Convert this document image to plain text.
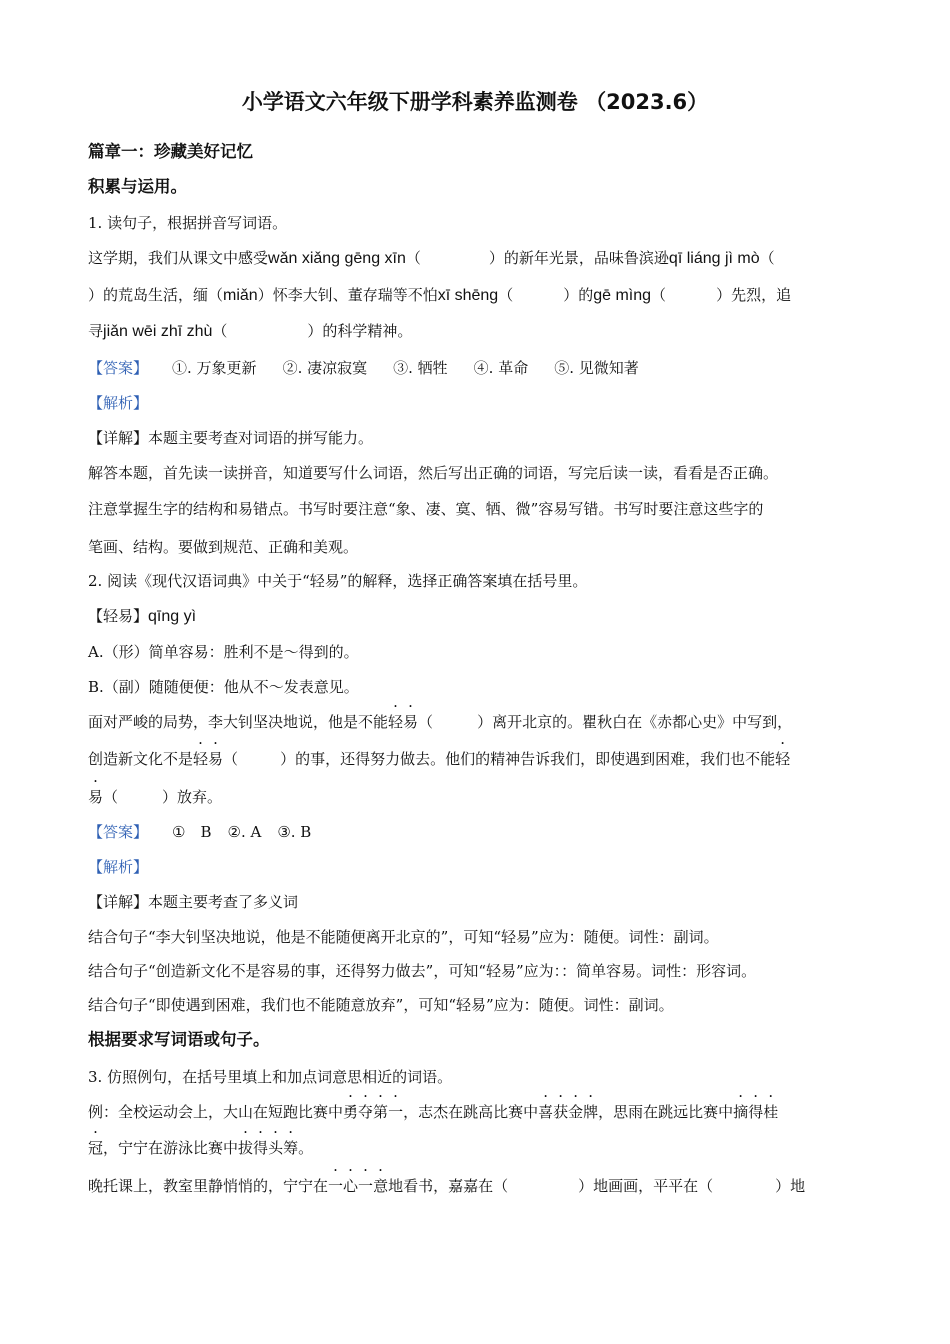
小学语文六年级下册学科素养监测卷 （2023.6）
篇章一：珍藏美好记忆
积累与运用。
1. 读句子，根据拼音写词语。
这学期，我们从课文中感受wǎn xiǎng gēng xīn（	）的新年光景，品味鲁滨逊qī liáng jì mò（
）的荒岛生活，缅（miǎn）怀李大钊、董存瑞等不怕xī shēng（	）的gē mìng（	）先烈，追
寻jiǎn wēi zhī zhù（	）的科学精神。
【答案】 ①. 万象更新 ②. 凄凉寂寞 ③. 牺牲 ④. 革命 ⑤. 见微知著
【解析】
【详解】本题主要考查对词语的拼写能力。
解答本题，首先读一读拼音，知道要写什么词语，然后写出正确的词语，写完后读一读，看看是否正确。
注意掌握生字的结构和易错点。书写时要注意“象、凄、寞、牺、微”容易写错。书写时要注意这些字的
笔画、结构。要做到规范、正确和美观。
2. 阅读《现代汉语词典》中关于“轻易”的解释，选择正确答案填在括号里。
【轻易】qīng yì
A.（形）简单容易：胜利不是～得到的。
B.（副）随随便便：他从不～发表意见。
面对严峻的局势，李大钊坚决地说，他是不能轻易（	）离开北京的。瞿秋白在《赤都心史》中写到，
创造新文化不是轻易（	）的事，还得努力做去。他们的精神告诉我们，即使遇到困难，我们也不能轻
易（	）放弃。
【答案】 ①　B ②. A ③. B
【解析】
【详解】本题主要考查了多义词
结合句子“李大钊坚决地说，他是不能随便离开北京的”，可知“轻易”应为：随便。词性：副词。
结合句子“创造新文化不是容易的事，还得努力做去”，可知“轻易”应为：：简单容易。词性：形容词。
结合句子“即使遇到困难，我们也不能随意放弃”，可知“轻易”应为：随便。词性：副词。
根据要求写词语或句子。
3. 仿照例句，在括号里填上和加点词意思相近的词语。
例：全校运动会上，大山在短跑比赛中勇夺第一，志杰在跳高比赛中喜获金牌，思雨在跳远比赛中摘得桂
冠，宁宁在游泳比赛中拔得头筹。
晚托课上，教室里静悄悄的，宁宁在一心一意地看书，嘉嘉在（	）地画画，平平在（	）地
